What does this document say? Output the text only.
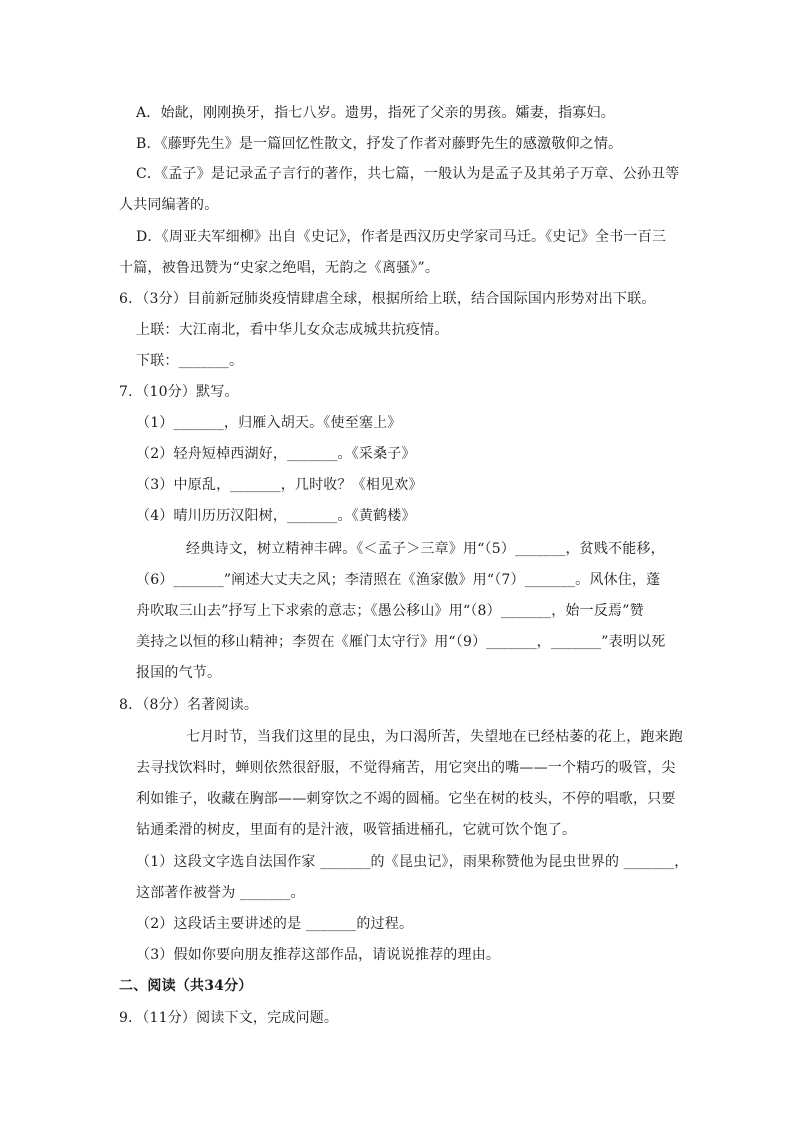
A．始龀，刚刚换牙，指七八岁。遗男，指死了父亲的男孩。孀妻，指寡妇。
B．《藤野先生》是一篇回忆性散文，抒发了作者对藤野先生的感激敬仰之情。
C．《孟子》是记录孟子言行的著作，共七篇，一般认为是孟子及其弟子万章、公孙丑等
人共同编著的。
D．《周亚夫军细柳》出自《史记》，作者是西汉历史学家司马迁。《史记》全书一百三
十篇，被鲁迅赞为“史家之绝唱，无韵之《离骚》”。
6．（3分）目前新冠肺炎疫情肆虐全球，根据所给上联，结合国际国内形势对出下联。
上联：大江南北，看中华儿女众志成城共抗疫情。
下联：_______。
7．（10分）默写。
（1）_______，归雁入胡天。《使至塞上》
（2）轻舟短棹西湖好，_______。《采桑子》
（3）中原乱，_______，几时收？《相见欢》
（4）晴川历历汉阳树，_______。《黄鹤楼》
经典诗文，树立精神丰碑。《＜孟子＞三章》用“（5）_______，贫贱不能移，
（6）_______”阐述大丈夫之风；李清照在《渔家傲》用“（7）_______。风休住，蓬
舟吹取三山去”抒写上下求索的意志；《愚公移山》用“（8）_______，始一反焉”赞
美持之以恒的移山精神；李贺在《雁门太守行》用“（9）_______，_______”表明以死
报国的气节。
8．（8分）名著阅读。
七月时节，当我们这里的昆虫，为口渴所苦，失望地在已经枯萎的花上，跑来跑
去寻找饮料时，蝉则依然很舒服，不觉得痛苦，用它突出的嘴——一个精巧的吸管，尖
利如锥子，收藏在胸部——刺穿饮之不竭的圆桶。它坐在树的枝头，不停的唱歌，只要
钻通柔滑的树皮，里面有的是汁液，吸管插进桶孔，它就可饮个饱了。
（1）这段文字选自法国作家 _______的《昆虫记》，雨果称赞他为昆虫世界的 _______，
这部著作被誉为 _______。
（2）这段话主要讲述的是 _______的过程。
（3）假如你要向朋友推荐这部作品，请说说推荐的理由。
二、阅读（共34分）
9．（11分）阅读下文，完成问题。
